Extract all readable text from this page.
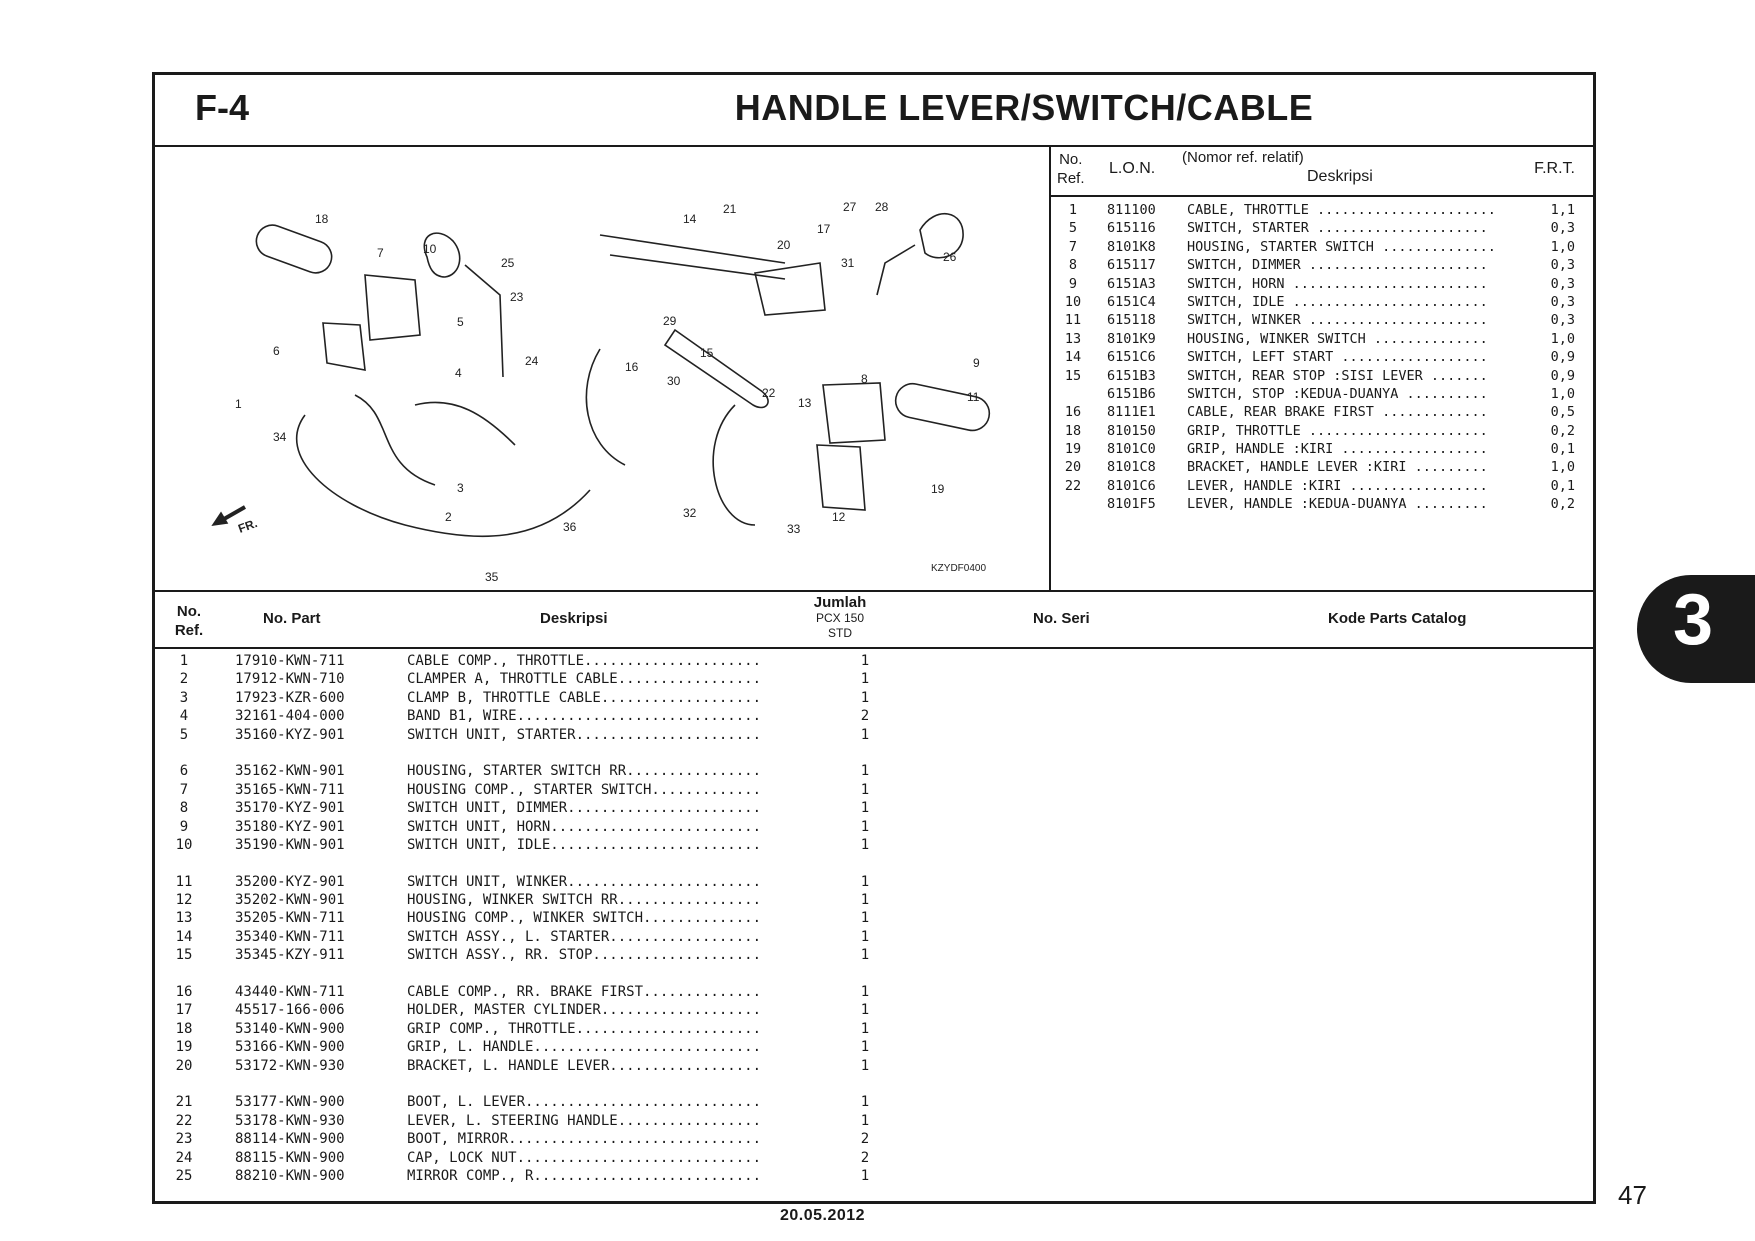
F-4	HANDLE LEVER/SWITCH/CABLE
1
2
3
4
5
6
7
8
9
10
11
12
13
14
15
16
17
18
19
20
21
22
23
24
25	26
27 28
29
30
31
32
33
34
35
36
FR.
KZYDF0400
No.
Ref.
L.O.N.
(Nomor ref. relatif)
Deskripsi	F.R.T.
1	811100 CABLE, THROTTLE ......................	1,1
5	615116 SWITCH, STARTER .....................	0,3
7	8101K8 HOUSING, STARTER SWITCH ..............	1,0
8	615117 SWITCH, DIMMER ......................	0,3
9	6151A3 SWITCH, HORN ........................	0,3
10	6151C4 SWITCH, IDLE ........................	0,3
11	615118 SWITCH, WINKER ......................	0,3
13	8101K9 HOUSING, WINKER SWITCH ..............	1,0
14	6151C6 SWITCH, LEFT START ..................	0,9
15	6151B3 SWITCH, REAR STOP :SISI LEVER .......	0,9
6151B6 SWITCH, STOP :KEDUA-DUANYA ..........	1,0
16	8111E1 CABLE, REAR BRAKE FIRST .............	0,5
18	810150 GRIP, THROTTLE ......................	0,2
19	8101C0 GRIP, HANDLE :KIRI ..................	0,1
20	8101C8 BRACKET, HANDLE LEVER :KIRI .........	1,0
22	8101C6 LEVER, HANDLE :KIRI .................	0,1
8101F5 LEVER, HANDLE :KEDUA-DUANYA .........	0,2
No.
Ref.
No. Part	Deskripsi
Jumlah
PCX 150
STD
No. Seri	Kode Parts Catalog
1	17910-KWN-711	CABLE COMP., THROTTLE.....................	1
2	17912-KWN-710	CLAMPER A, THROTTLE CABLE.................	1
3	17923-KZR-600	CLAMP B, THROTTLE CABLE...................	1
4	32161-404-000	BAND B1, WIRE.............................	2
5	35160-KYZ-901	SWITCH UNIT, STARTER......................	1
6	35162-KWN-901	HOUSING, STARTER SWITCH RR................	1
7	35165-KWN-711	HOUSING COMP., STARTER SWITCH.............	1
8	35170-KYZ-901	SWITCH UNIT, DIMMER.......................	1
9	35180-KYZ-901	SWITCH UNIT, HORN.........................	1
10	35190-KWN-901	SWITCH UNIT, IDLE.........................	1
11	35200-KYZ-901	SWITCH UNIT, WINKER.......................	1
12	35202-KWN-901	HOUSING, WINKER SWITCH RR.................	1
13	35205-KWN-711	HOUSING COMP., WINKER SWITCH..............	1
14	35340-KWN-711	SWITCH ASSY., L. STARTER..................	1
15	35345-KZY-911	SWITCH ASSY., RR. STOP....................	1
16	43440-KWN-711	CABLE COMP., RR. BRAKE FIRST..............	1
17	45517-166-006	HOLDER, MASTER CYLINDER...................	1
18	53140-KWN-900	GRIP COMP., THROTTLE......................	1
19	53166-KWN-900	GRIP, L. HANDLE...........................	1
20	53172-KWN-930	BRACKET, L. HANDLE LEVER..................	1
21	53177-KWN-900	BOOT, L. LEVER............................	1
22	53178-KWN-930	LEVER, L. STEERING HANDLE.................	1
23	88114-KWN-900	BOOT, MIRROR..............................	2
24	88115-KWN-900	CAP, LOCK NUT.............................	2
25	88210-KWN-900	MIRROR COMP., R...........................	1
20.05.2012
47
3
